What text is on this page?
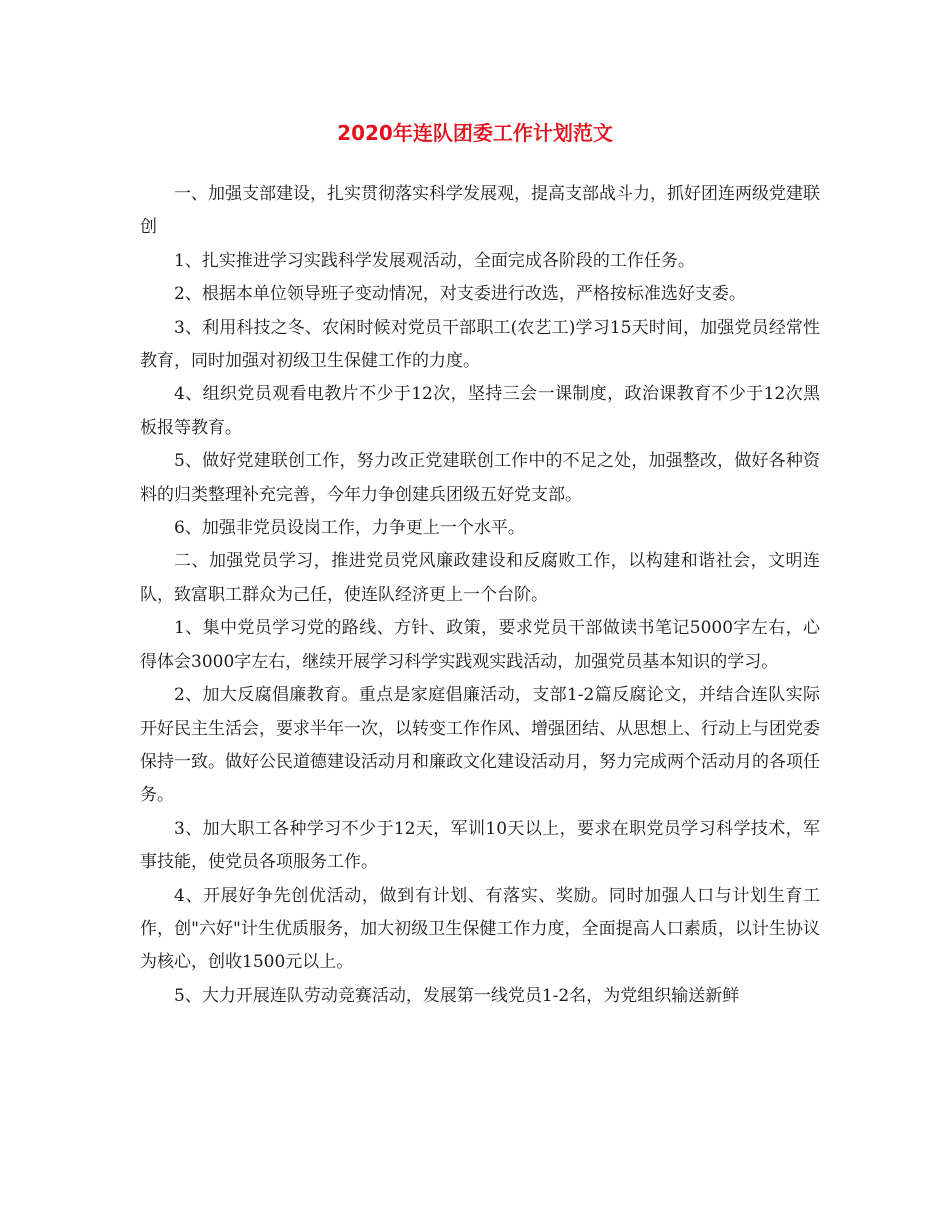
2020年连队团委工作计划范文

一、加强支部建设，扎实贯彻落实科学发展观，提高支部战斗力，抓好团连两级党建联创

1、扎实推进学习实践科学发展观活动，全面完成各阶段的工作任务。

2、根据本单位领导班子变动情况，对支委进行改选，严格按标准选好支委。

3、利用科技之冬、农闲时候对党员干部职工(农艺工)学习15天时间，加强党员经常性教育，同时加强对初级卫生保健工作的力度。

4、组织党员观看电教片不少于12次，坚持三会一课制度，政治课教育不少于12次黑板报等教育。

5、做好党建联创工作，努力改正党建联创工作中的不足之处，加强整改，做好各种资料的归类整理补充完善，今年力争创建兵团级五好党支部。

6、加强非党员设岗工作，力争更上一个水平。

二、加强党员学习，推进党员党风廉政建设和反腐败工作，以构建和谐社会，文明连队，致富职工群众为己任，使连队经济更上一个台阶。

1、集中党员学习党的路线、方针、政策，要求党员干部做读书笔记5000字左右，心得体会3000字左右，继续开展学习科学实践观实践活动，加强党员基本知识的学习。

2、加大反腐倡廉教育。重点是家庭倡廉活动，支部1-2篇反腐论文，并结合连队实际开好民主生活会，要求半年一次，以转变工作作风、增强团结、从思想上、行动上与团党委保持一致。做好公民道德建设活动月和廉政文化建设活动月，努力完成两个活动月的各项任务。

3、加大职工各种学习不少于12天，军训10天以上，要求在职党员学习科学技术，军事技能，使党员各项服务工作。

4、开展好争先创优活动，做到有计划、有落实、奖励。同时加强人口与计划生育工作，创"六好"计生优质服务，加大初级卫生保健工作力度，全面提高人口素质，以计生协议为核心，创收1500元以上。

5、大力开展连队劳动竞赛活动，发展第一线党员1-2名，为党组织输送新鲜
